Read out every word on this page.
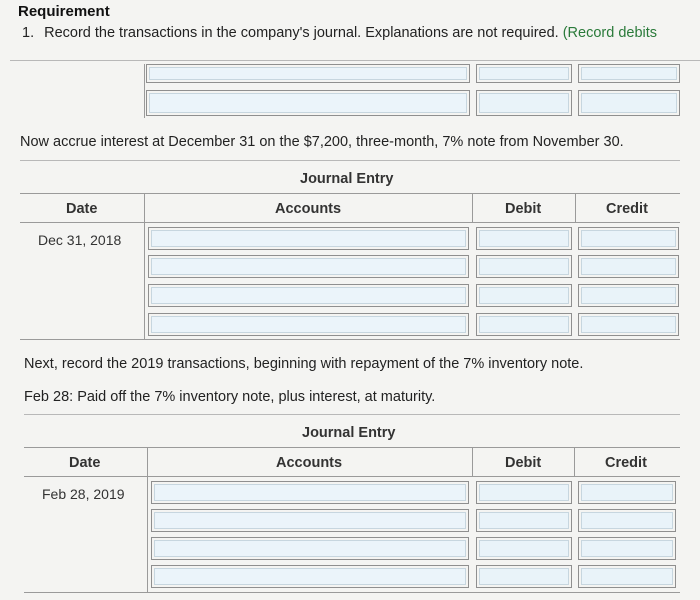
Requirement
1. Record the transactions in the company's journal. Explanations are not required. (Record debits
Now accrue interest at December 31 on the $7,200, three-month, 7% note from November 30.
Journal Entry
Date	Accounts	Debit	Credit
Dec 31, 2018
Next, record the 2019 transactions, beginning with repayment of the 7% inventory note.
Feb 28: Paid off the 7% inventory note, plus interest, at maturity.
Journal Entry
Date	Accounts	Debit	Credit
Feb 28, 2019
